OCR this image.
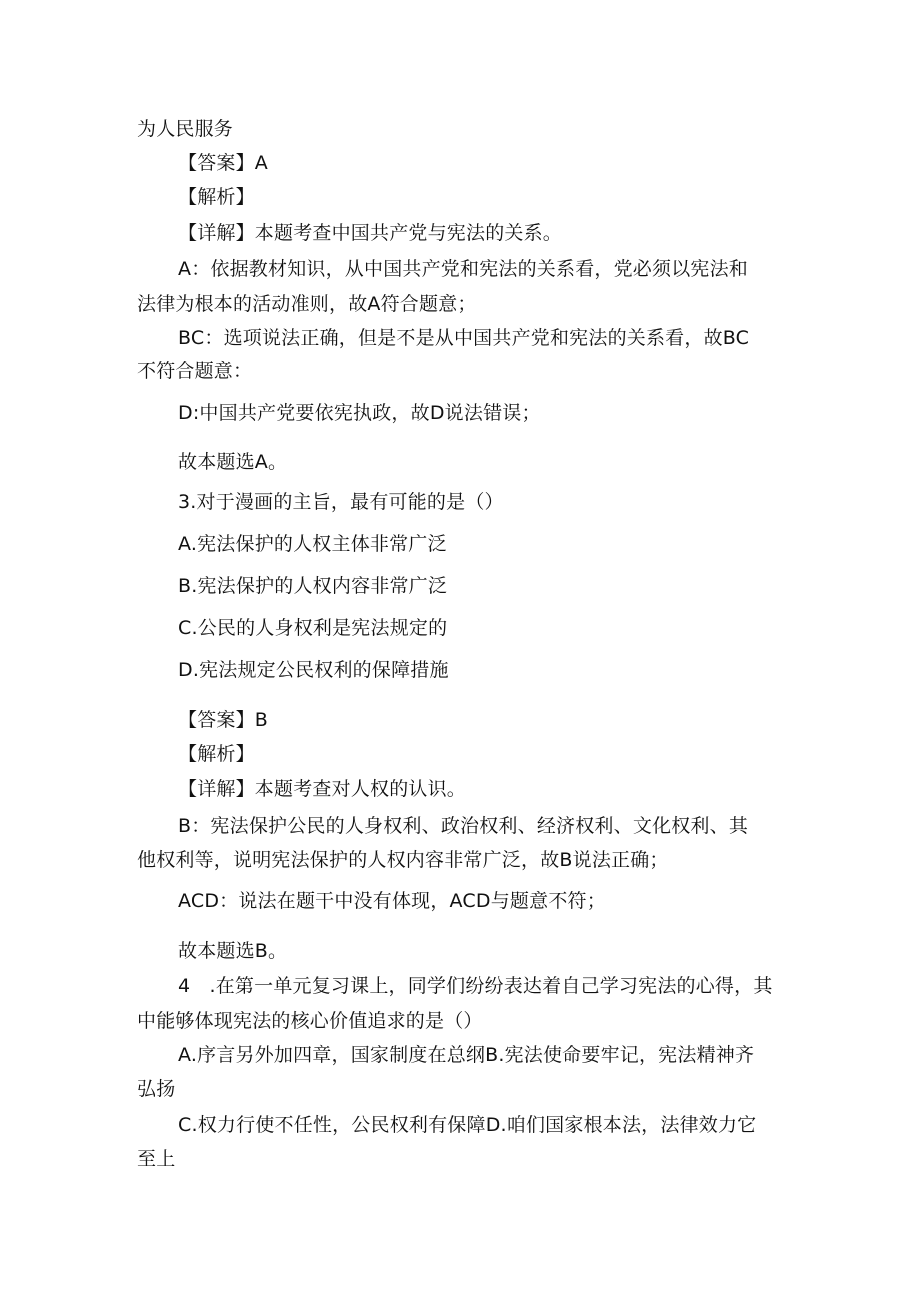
为人民服务
【答案】A
【解析】
【详解】本题考查中国共产党与宪法的关系。
A：依据教材知识，从中国共产党和宪法的关系看，党必须以宪法和
法律为根本的活动准则，故A符合题意；
BC：选项说法正确，但是不是从中国共产党和宪法的关系看，故BC
不符合题意：
D:中国共产党要依宪执政，故D说法错误；
故本题选A。
3.对于漫画的主旨，最有可能的是（）
A.宪法保护的人权主体非常广泛
B.宪法保护的人权内容非常广泛
C.公民的人身权利是宪法规定的
D.宪法规定公民权利的保障措施
【答案】B
【解析】
【详解】本题考查对人权的认识。
B：宪法保护公民的人身权利、政治权利、经济权利、文化权利、其
他权利等，说明宪法保护的人权内容非常广泛，故B说法正确；
ACD：说法在题干中没有体现，ACD与题意不符；
故本题选B。
4　.在第一单元复习课上，同学们纷纷表达着自己学习宪法的心得，其
中能够体现宪法的核心价值追求的是（）
A.序言另外加四章，国家制度在总纲B.宪法使命要牢记，宪法精神齐
弘扬
C.权力行使不任性，公民权利有保障D.咱们国家根本法，法律效力它
至上
